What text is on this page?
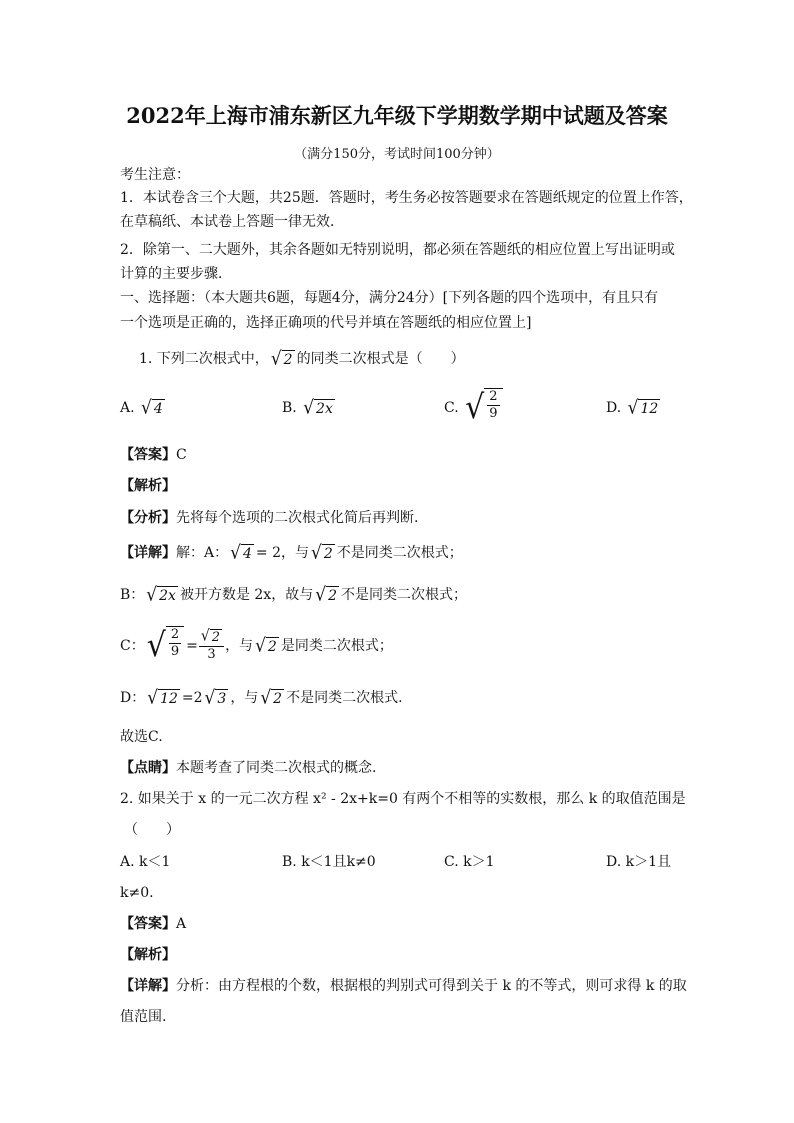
2022年上海市浦东新区九年级下学期数学期中试题及答案
（满分150分，考试时间100分钟）
考生注意：
1．本试卷含三个大题，共25题．答题时，考生务必按答题要求在答题纸规定的位置上作答，
在草稿纸、本试卷上答题一律无效．
2．除第一、二大题外，其余各题如无特别说明，都必须在答题纸的相应位置上写出证明或
计算的主要步骤．
一、选择题：（本大题共6题，每题4分，满分24分）[下列各题的四个选项中，有且只有
一个选项是正确的，选择正确项的代号并填在答题纸的相应位置上]
1. 下列二次根式中， √ 2 的同类二次根式是（　　）
A. √ 4	B. √ 2x	C. √ $\frac{2}{9}$	D. √ 12
【答案】C
【解析】
【分析】先将每个选项的二次根式化简后再判断.
【详解】解：A： √ 4 = 2，与 √ 2 不是同类二次根式；
B： √ 2x 被开方数是 2x，故与 √ 2 不是同类二次根式；
C： √ $\frac{2}{9} = \frac{√ 2}{3}$ ，与 √ 2 是同类二次根式；
D： √ 12 =2 √ 3 ，与 √ 2 不是同类二次根式.
故选C.
【点睛】本题考查了同类二次根式的概念.
2. 如果关于 x 的一元二次方程 x² - 2x+k=0 有两个不相等的实数根，那么 k 的取值范围是
（　　）
A. k＜1	B. k＜1且k≠0	C. k＞1	D. k＞1且
k≠0.
【答案】A
【解析】
【详解】分析：由方程根的个数，根据根的判别式可得到关于 k 的不等式，则可求得 k 的取
值范围.
